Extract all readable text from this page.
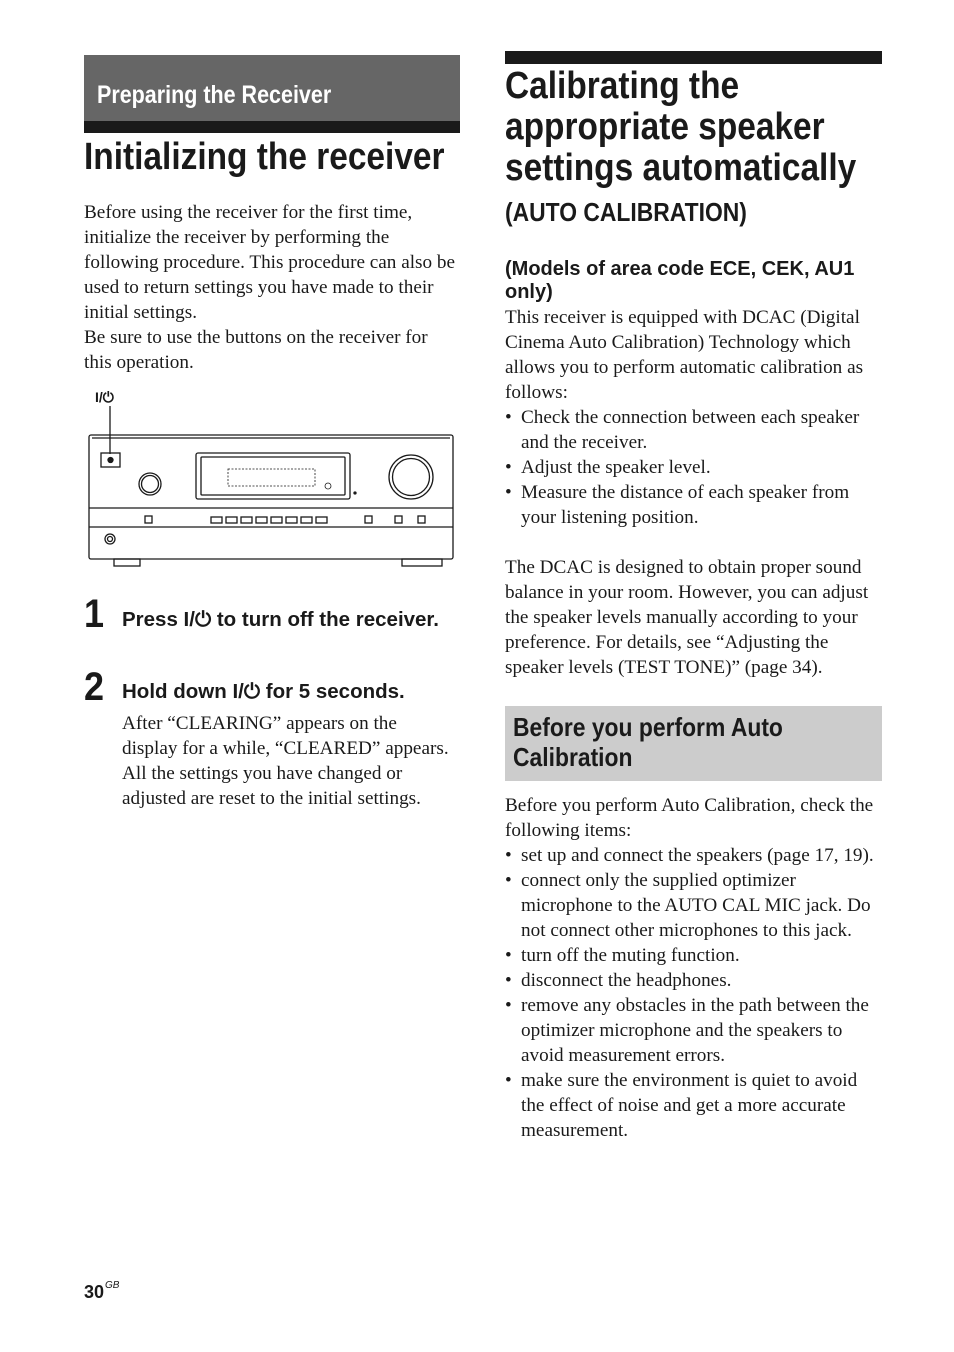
Preparing the Receiver
Initializing the receiver

Before using the receiver for the first time, initialize the receiver by performing the following procedure. This procedure can also be used to return settings you have made to their initial settings.

Be sure to use the buttons on the receiver for this operation.

I/⏻
1 Press I/⏻ to turn off the receiver.
2 Hold down I/⏻ for 5 seconds.

After “CLEARING” appears on the display for a while, “CLEARED” appears.

All the settings you have changed or adjusted are reset to the initial settings.

Calibrating the appropriate speaker settings automatically
(AUTO CALIBRATION)
(Models of area code ECE, CEK, AU1 only)

This receiver is equipped with DCAC (Digital Cinema Auto Calibration) Technology which allows you to perform automatic calibration as follows:

• Check the connection between each speaker and the receiver.
• Adjust the speaker level.
• Measure the distance of each speaker from your listening position.

The DCAC is designed to obtain proper sound balance in your room. However, you can adjust the speaker levels manually according to your preference. For details, see “Adjusting the speaker levels (TEST TONE)” (page 34).

Before you perform Auto Calibration

Before you perform Auto Calibration, check the following items:

• set up and connect the speakers (page 17, 19).
• connect only the supplied optimizer microphone to the AUTO CAL MIC jack. Do not connect other microphones to this jack.
• turn off the muting function.
• disconnect the headphones.
• remove any obstacles in the path between the optimizer microphone and the speakers to avoid measurement errors.
• make sure the environment is quiet to avoid the effect of noise and get a more accurate measurement.
$30^{GB}$
